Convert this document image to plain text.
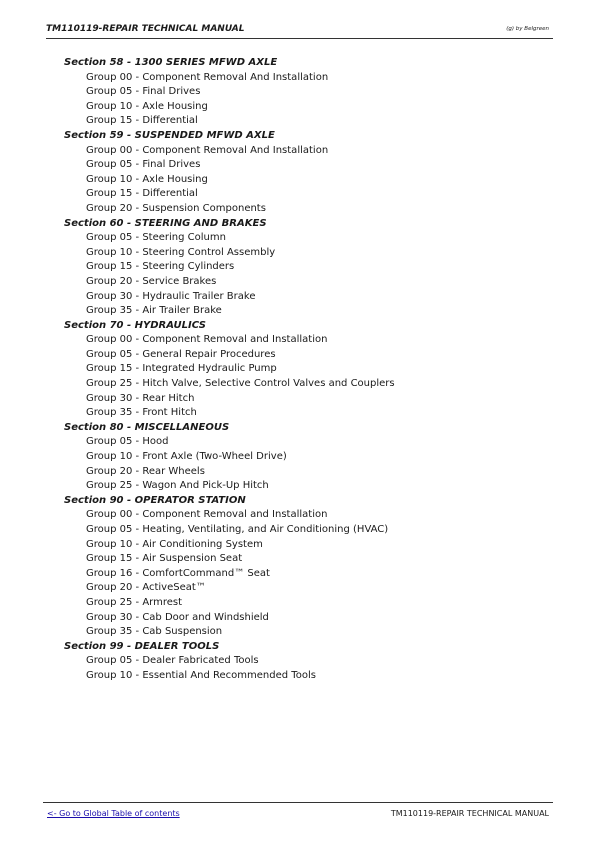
TM110119-REPAIR TECHNICAL MANUAL	(g) by Belgreen
Section 58 - 1300 SERIES MFWD AXLE
Group 00 - Component Removal And Installation
Group 05 - Final Drives
Group 10 - Axle Housing
Group 15 - Differential
Section 59 - SUSPENDED MFWD AXLE
Group 00 - Component Removal And Installation
Group 05 - Final Drives
Group 10 - Axle Housing
Group 15 - Differential
Group 20 - Suspension Components
Section 60 - STEERING AND BRAKES
Group 05 - Steering Column
Group 10 - Steering Control Assembly
Group 15 - Steering Cylinders
Group 20 - Service Brakes
Group 30 - Hydraulic Trailer Brake
Group 35 - Air Trailer Brake
Section 70 - HYDRAULICS
Group 00 - Component Removal and Installation
Group 05 - General Repair Procedures
Group 15 - Integrated Hydraulic Pump
Group 25 - Hitch Valve, Selective Control Valves and Couplers
Group 30 - Rear Hitch
Group 35 - Front Hitch
Section 80 - MISCELLANEOUS
Group 05 - Hood
Group 10 - Front Axle (Two-Wheel Drive)
Group 20 - Rear Wheels
Group 25 - Wagon And Pick-Up Hitch
Section 90 - OPERATOR STATION
Group 00 - Component Removal and Installation
Group 05 - Heating, Ventilating, and Air Conditioning (HVAC)
Group 10 - Air Conditioning System
Group 15 - Air Suspension Seat
Group 16 - ComfortCommand™ Seat
Group 20 - ActiveSeat™
Group 25 - Armrest
Group 30 - Cab Door and Windshield
Group 35 - Cab Suspension
Section 99 - DEALER TOOLS
Group 05 - Dealer Fabricated Tools
Group 10 - Essential And Recommended Tools
<- Go to Global Table of contents	TM110119-REPAIR TECHNICAL MANUAL
